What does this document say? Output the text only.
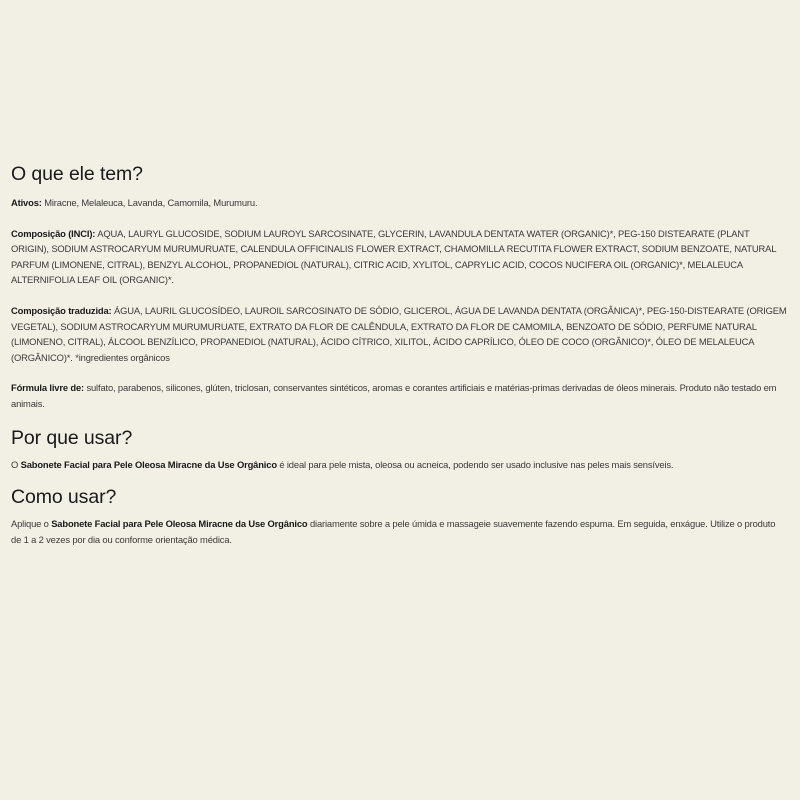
O que ele tem?

Ativos: Miracne, Melaleuca, Lavanda, Camomila, Murumuru.

Composição (INCI): AQUA, LAURYL GLUCOSIDE, SODIUM LAUROYL SARCOSINATE, GLYCERIN, LAVANDULA DENTATA WATER (ORGANIC)*, PEG-150 DISTEARATE (PLANT ORIGIN), SODIUM ASTROCARYUM MURUMURUATE, CALENDULA OFFICINALIS FLOWER EXTRACT, CHAMOMILLA RECUTITA FLOWER EXTRACT, SODIUM BENZOATE, NATURAL PARFUM (LIMONENE, CITRAL), BENZYL ALCOHOL, PROPANEDIOL (NATURAL), CITRIC ACID, XYLITOL, CAPRYLIC ACID, COCOS NUCIFERA OIL (ORGANIC)*, MELALEUCA ALTERNIFOLIA LEAF OIL (ORGANIC)*.

Composição traduzida: ÁGUA, LAURIL GLUCOSÍDEO, LAUROIL SARCOSINATO DE SÓDIO, GLICEROL, ÁGUA DE LAVANDA DENTATA (ORGÂNICA)*, PEG-150-DISTEARATE (ORIGEM VEGETAL), SODIUM ASTROCARYUM MURUMURUATE, EXTRATO DA FLOR DE CALÊNDULA, EXTRATO DA FLOR DE CAMOMILA, BENZOATO DE SÓDIO, PERFUME NATURAL (LIMONENO, CITRAL), ÁLCOOL BENZÍLICO, PROPANEDIOL (NATURAL), ÁCIDO CÍTRICO, XILITOL, ÁCIDO CAPRÍLICO, ÓLEO DE COCO (ORGÂNICO)*, ÓLEO DE MELALEUCA (ORGÂNICO)*. *ingredientes orgânicos

Fórmula livre de: sulfato, parabenos, silicones, glúten, triclosan, conservantes sintéticos, aromas e corantes artificiais e matérias-primas derivadas de óleos minerais. Produto não testado em animais.

Por que usar?

O Sabonete Facial para Pele Oleosa Miracne da Use Orgânico é ideal para pele mista, oleosa ou acneica, podendo ser usado inclusive nas peles mais sensíveis.

Como usar?

Aplique o Sabonete Facial para Pele Oleosa Miracne da Use Orgânico diariamente sobre a pele úmida e massageie suavemente fazendo espuma. Em seguida, enxágue. Utilize o produto de 1 a 2 vezes por dia ou conforme orientação médica.
